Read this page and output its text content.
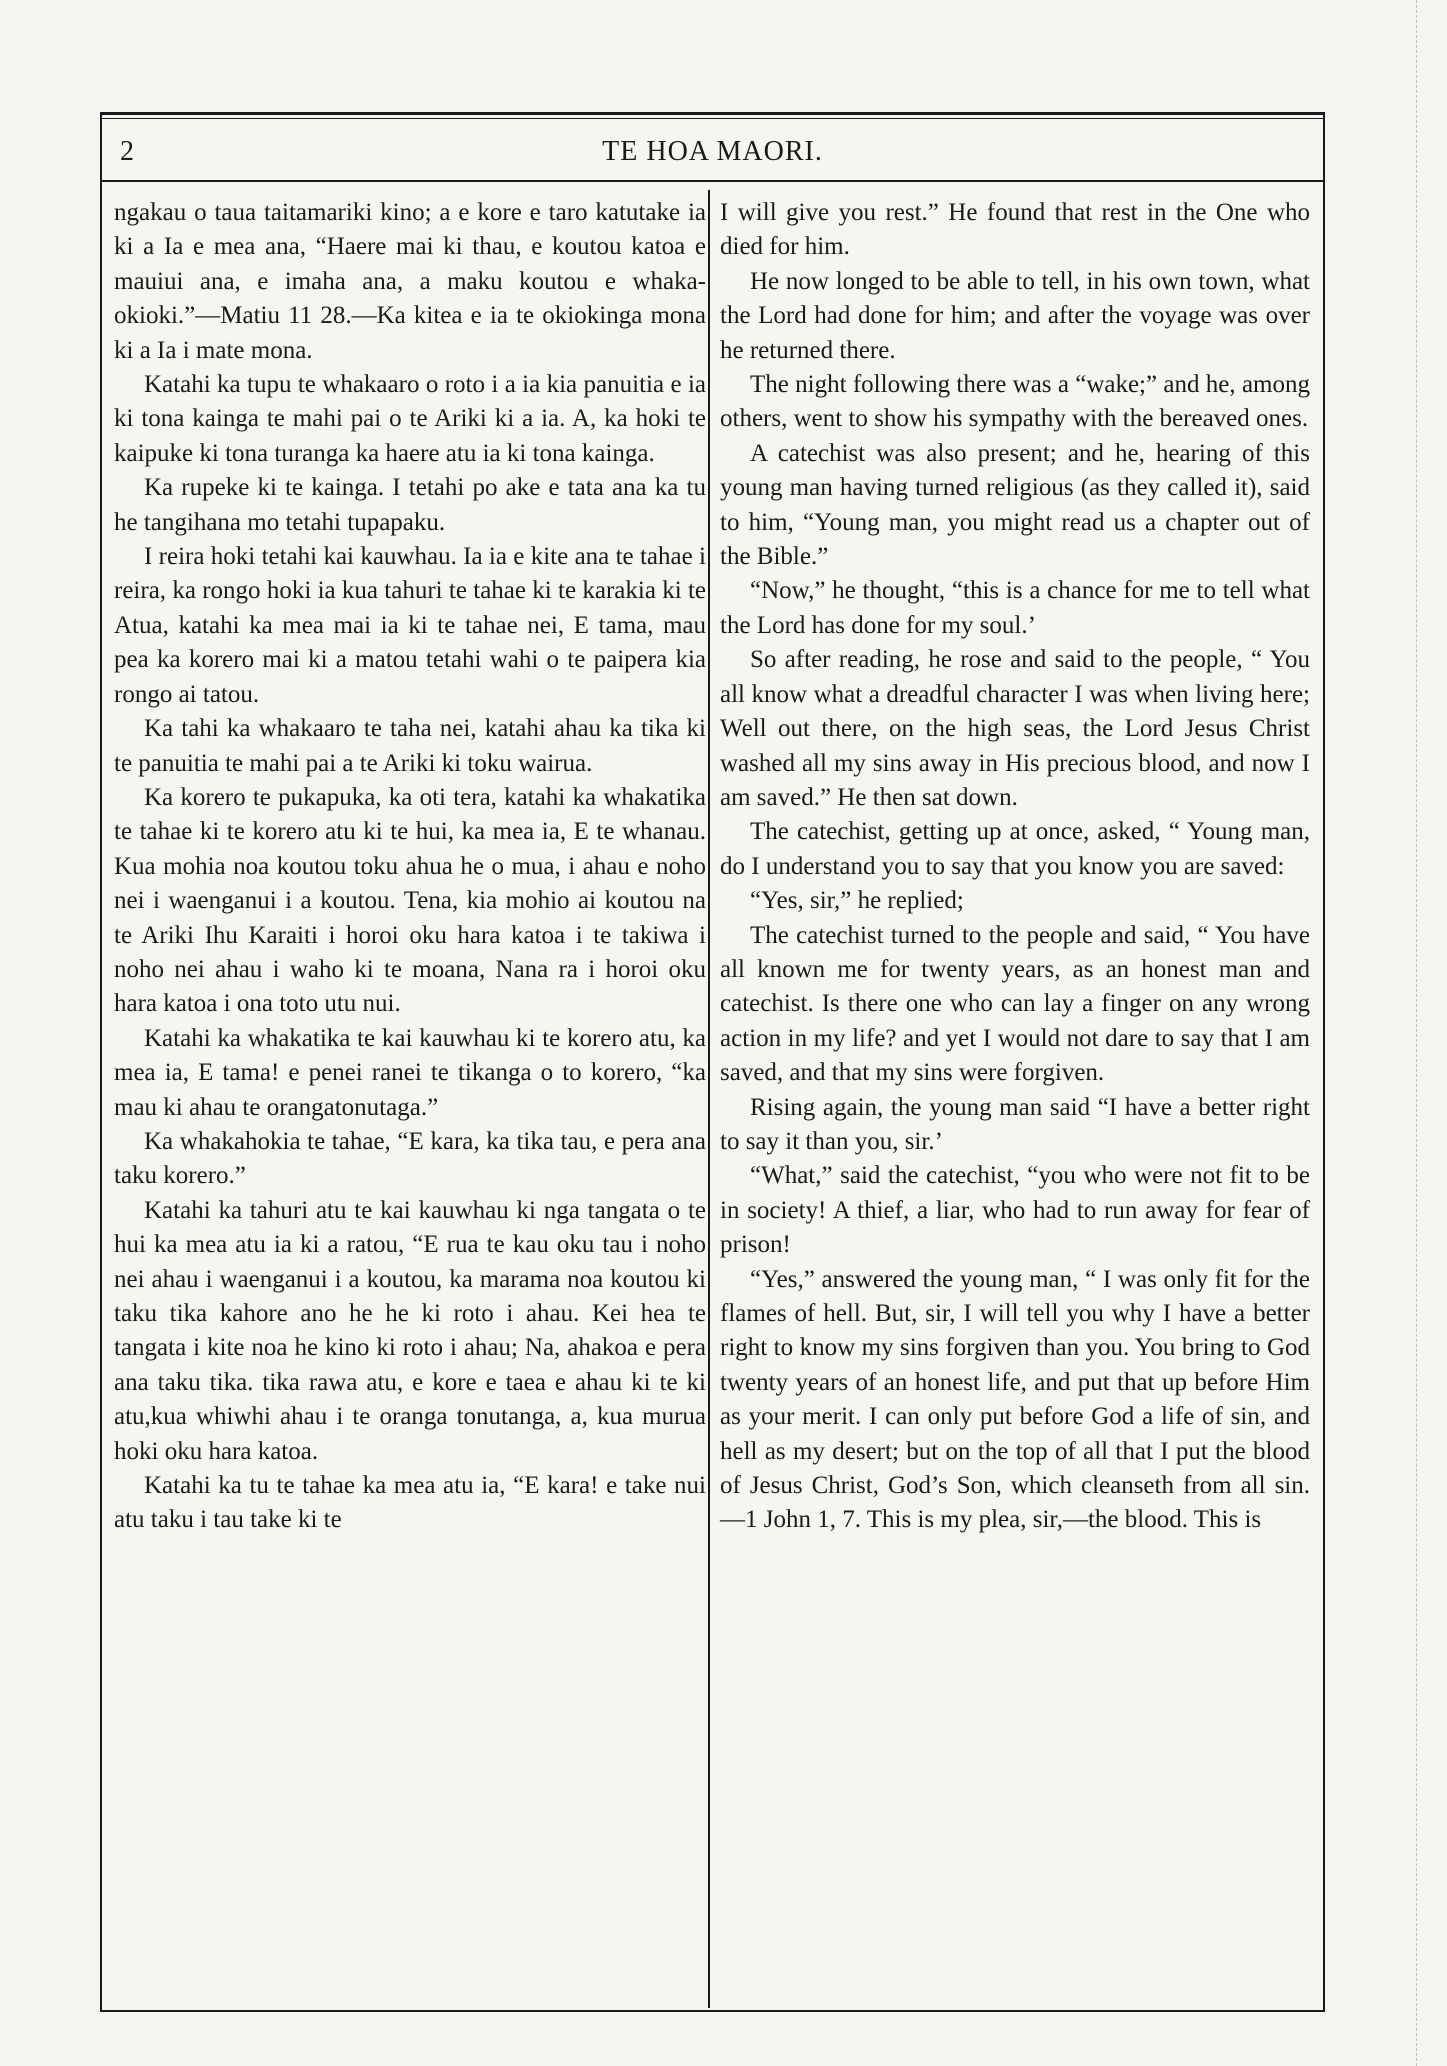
2	TE HOA MAORI.

ngakau o taua taitamariki kino; a e kore e taro katutake ia ki a Ia e mea ana, “Haere mai ki thau, e koutou katoa e mauiui ana, e imaha ana, a maku koutou e whaka-okioki.”—Matiu 11 28.—Ka kitea e ia te okiokinga mona ki a Ia i mate mona.

Katahi ka tupu te whakaaro o roto i a ia kia panuitia e ia ki tona kainga te mahi pai o te Ariki ki a ia. A, ka hoki te kaipuke ki tona turanga ka haere atu ia ki tona kainga.

Ka rupeke ki te kainga. I tetahi po ake e tata ana ka tu he tangihana mo tetahi tupapaku.

I reira hoki tetahi kai kauwhau. Ia ia e kite ana te tahae i reira, ka rongo hoki ia kua tahuri te tahae ki te karakia ki te Atua, katahi ka mea mai ia ki te tahae nei, E tama, mau pea ka korero mai ki a matou tetahi wahi o te paipera kia rongo ai tatou.

Ka tahi ka whakaaro te taha nei, katahi ahau ka tika ki te panuitia te mahi pai a te Ariki ki toku wairua.

Ka korero te pukapuka, ka oti tera, katahi ka whakatika te tahae ki te korero atu ki te hui, ka mea ia, E te whanau. Kua mohia noa koutou toku ahua he o mua, i ahau e noho nei i waenganui i a koutou. Tena, kia mohio ai koutou na te Ariki Ihu Karaiti i horoi oku hara katoa i te takiwa i noho nei ahau i waho ki te moana, Nana ra i horoi oku hara katoa i ona toto utu nui.

Katahi ka whakatika te kai kauwhau ki te korero atu, ka mea ia, E tama! e penei ranei te tikanga o to korero, “ka mau ki ahau te orangatonutaga.”

Ka whakahokia te tahae, “E kara, ka tika tau, e pera ana taku korero.”

Katahi ka tahuri atu te kai kauwhau ki nga tangata o te hui ka mea atu ia ki a ratou, “E rua te kau oku tau i noho nei ahau i waenganui i a koutou, ka marama noa koutou ki taku tika kahore ano he he ki roto i ahau. Kei hea te tangata i kite noa he kino ki roto i ahau; Na, ahakoa e pera ana taku tika. tika rawa atu, e kore e taea e ahau ki te ki atu,kua whiwhi ahau i te oranga tonutanga, a, kua murua hoki oku hara katoa.

Katahi ka tu te tahae ka mea atu ia, “E kara! e take nui atu taku i tau take ki te

I will give you rest.” He found that rest in the One who died for him.

He now longed to be able to tell, in his own town, what the Lord had done for him; and after the voyage was over he returned there.

The night following there was a “wake;” and he, among others, went to show his sympathy with the bereaved ones.

A catechist was also present; and he, hearing of this young man having turned religious (as they called it), said to him, “Young man, you might read us a chapter out of the Bible.”

“Now,” he thought, “this is a chance for me to tell what the Lord has done for my soul.’

So after reading, he rose and said to the people, “ You all know what a dreadful character I was when living here; Well out there, on the high seas, the Lord Jesus Christ washed all my sins away in His precious blood, and now I am saved.” He then sat down.

The catechist, getting up at once, asked, “ Young man, do I understand you to say that you know you are saved:

“Yes, sir,” he replied;

The catechist turned to the people and said, “ You have all known me for twenty years, as an honest man and catechist. Is there one who can lay a finger on any wrong action in my life? and yet I would not dare to say that I am saved, and that my sins were forgiven.

Rising again, the young man said “I have a better right to say it than you, sir.’

“What,” said the catechist, “you who were not fit to be in society! A thief, a liar, who had to run away for fear of prison!

“Yes,” answered the young man, “ I was only fit for the flames of hell. But, sir, I will tell you why I have a better right to know my sins forgiven than you. You bring to God twenty years of an honest life, and put that up before Him as your merit. I can only put before God a life of sin, and hell as my desert; but on the top of all that I put the blood of Jesus Christ, God’s Son, which cleanseth from all sin.—1 John 1, 7. This is my plea, sir,—the blood. This is
